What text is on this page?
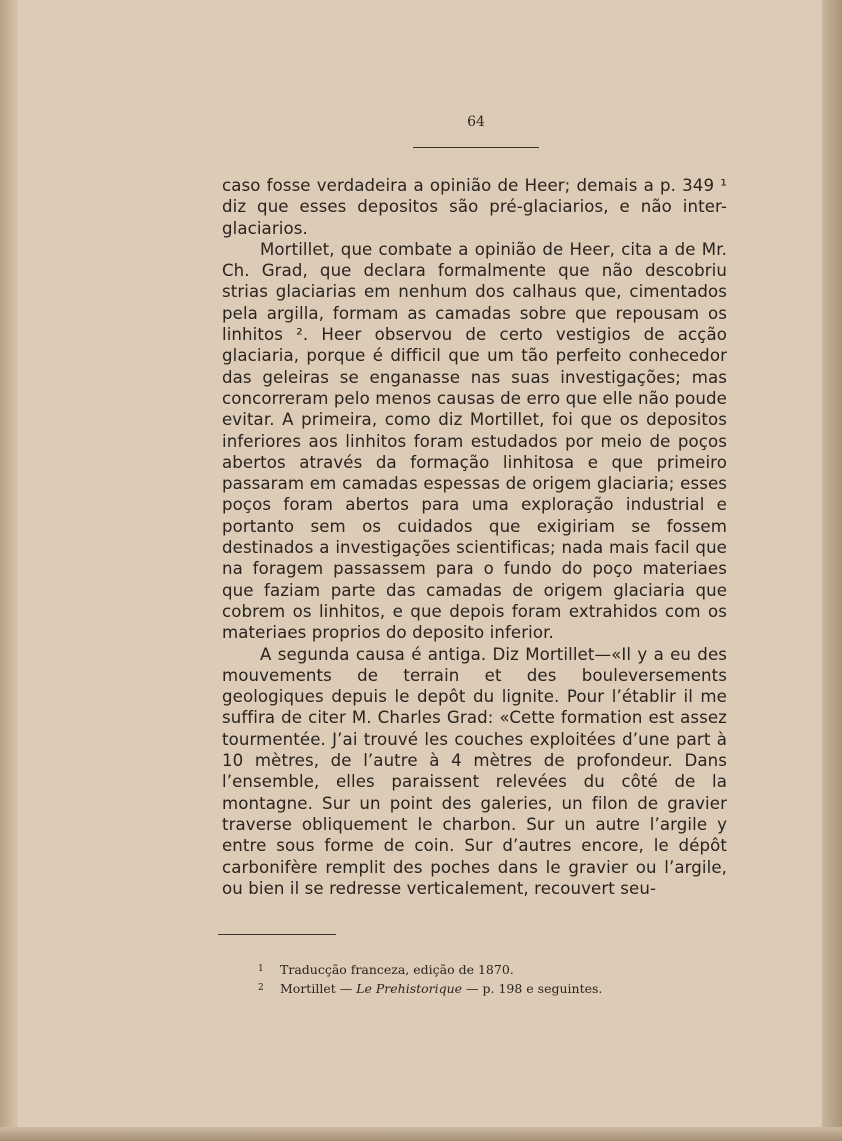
64

caso fosse verdadeira a opinião de Heer; demais a p. 349 ¹ diz que esses depositos são pré-glaciarios, e não inter-glaciarios.

Mortillet, que combate a opinião de Heer, cita a de Mr. Ch. Grad, que declara formalmente que não descobriu strias glaciarias em nenhum dos calhaus que, cimentados pela argilla, formam as camadas sobre que repousam os linhitos ². Heer observou de certo vestigios de acção glaciaria, porque é difficil que um tão perfeito conhecedor das geleiras se enganasse nas suas investigações; mas concorreram pelo menos causas de erro que elle não poude evitar. A primeira, como diz Mortillet, foi que os depositos inferiores aos linhitos foram estudados por meio de poços abertos através da formação linhitosa e que primeiro passaram em camadas espessas de origem glaciaria; esses poços foram abertos para uma exploração industrial e portanto sem os cuidados que exigiriam se fossem destinados a investigações scientificas; nada mais facil que na foragem passassem para o fundo do poço materiaes que faziam parte das camadas de origem glaciaria que cobrem os linhitos, e que depois foram extrahidos com os materiaes proprios do deposito inferior.

A segunda causa é antiga. Diz Mortillet—«Il y a eu des mouvements de terrain et des bouleversements geologiques depuis le depôt du lignite. Pour l’établir il me suffira de citer M. Charles Grad: «Cette formation est assez tourmentée. J’ai trouvé les couches exploitées d’une part à 10 mètres, de l’autre à 4 mètres de profondeur. Dans l’ensemble, elles paraissent relevées du côté de la montagne. Sur un point des galeries, un filon de gravier traverse obliquement le charbon. Sur un autre l’argile y entre sous forme de coin. Sur d’autres encore, le dépôt carbonifère remplit des poches dans le gravier ou l’argile, ou bien il se redresse verticalement, recouvert seu-

1 Traducção franceza, edição de 1870.
2 Mortillet — Le Prehistorique — p. 198 e seguintes.
